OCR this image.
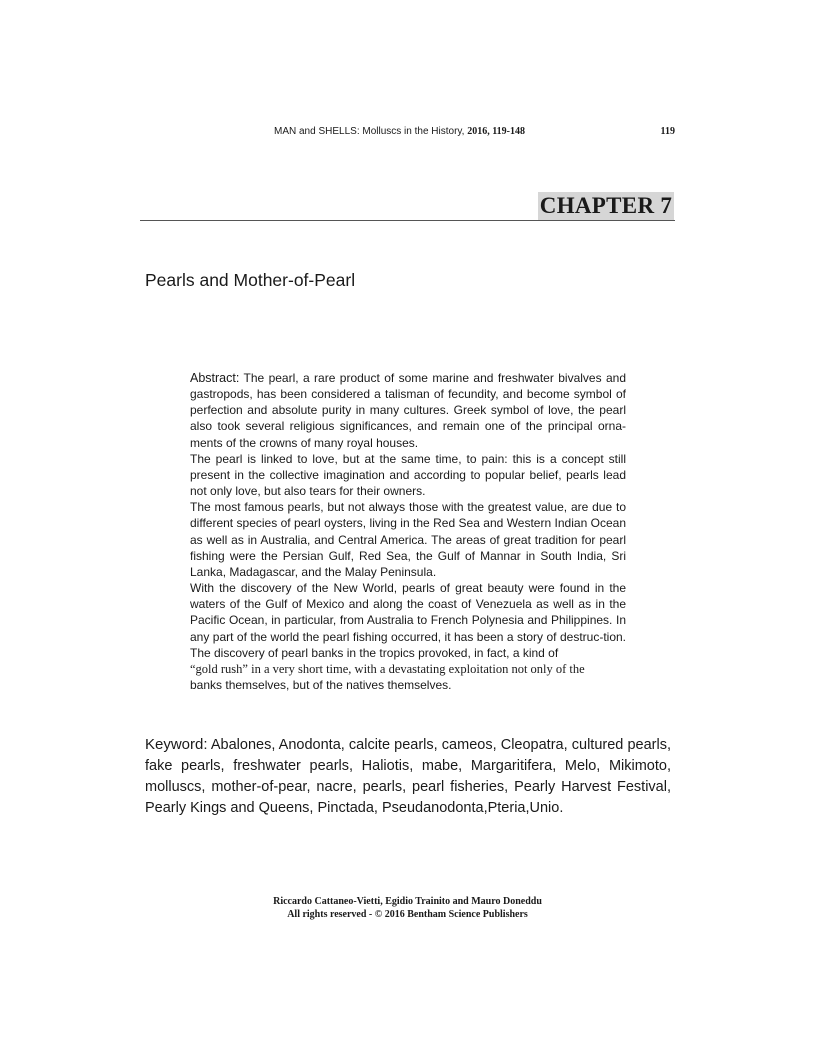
MAN and SHELLS: Molluscs in the History, 2016, 119-148	119
CHAPTER 7
Pearls and Mother-of-Pearl

Abstract: The pearl, a rare product of some marine and freshwater bivalves and gastropods, has been considered a talisman of fecundity, and become symbol of perfection and absolute purity in many cultures. Greek symbol of love, the pearl also took several religious significances, and remain one of the principal orna-ments of the crowns of many royal houses.

The pearl is linked to love, but at the same time, to pain: this is a concept still present in the collective imagination and according to popular belief, pearls lead not only love, but also tears for their owners.

The most famous pearls, but not always those with the greatest value, are due to different species of pearl oysters, living in the Red Sea and Western Indian Ocean as well as in Australia, and Central America. The areas of great tradition for pearl fishing were the Persian Gulf, Red Sea, the Gulf of Mannar in South India, Sri Lanka, Madagascar, and the Malay Peninsula.

With the discovery of the New World, pearls of great beauty were found in the waters of the Gulf of Mexico and along the coast of Venezuela as well as in the Pacific Ocean, in particular, from Australia to French Polynesia and Philippines. In any part of the world the pearl fishing occurred, it has been a story of destruc-tion. The discovery of pearl banks in the tropics provoked, in fact, a kind of

“gold rush” in a very short time, with a devastating exploitation not only of the

banks themselves, but of the natives themselves.

Keyword: Abalones, Anodonta, calcite pearls, cameos, Cleopatra, cultured pearls, fake pearls, freshwater pearls, Haliotis, mabe, Margaritifera, Melo, Mikimoto, molluscs, mother-of-pear, nacre, pearls, pearl fisheries, Pearly Harvest Festival, Pearly Kings and Queens, Pinctada, Pseudanodonta,Pteria,Unio.
Riccardo Cattaneo-Vietti, Egidio Trainito and Mauro Doneddu
All rights reserved - © 2016 Bentham Science Publishers
